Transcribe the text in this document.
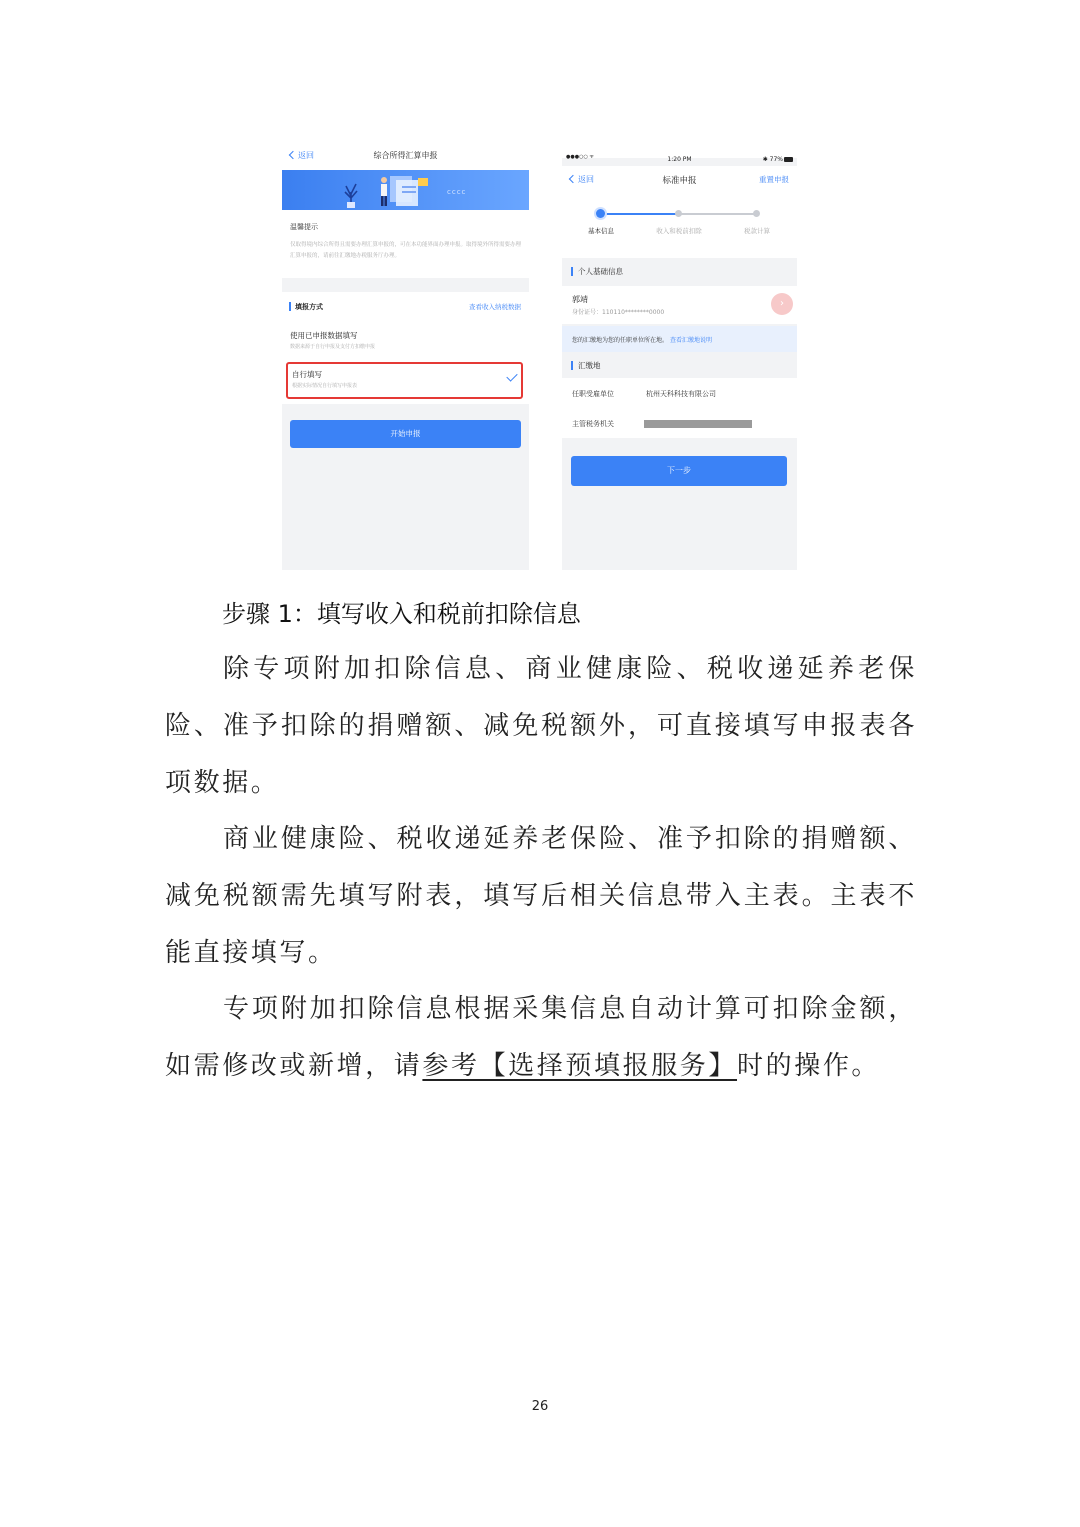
返回	综合所得汇算申报
cccc
温馨提示
仅取得境内综合所得且需要办理汇算申报的，可在本功能界面办理申报。取得境外所得需要办理汇算申报的，请前往汇缴地办税服务厅办理。
填报方式	查看收入纳税数据
使用已申报数据填写
数据来源于自行申报及支付方扣缴申报
自行填写
根据实际情况自行填写申报表
开始申报
●●●○○ ᯤ	1:20 PM	✱ 77%
返回	标准申报	重置申报
基本信息	收入和税前扣除	税款计算
个人基础信息
郭靖
身份证号：110110********0000
›
您的汇缴地为您的任职单位所在地。 查看汇缴地说明
汇缴地
任职受雇单位	杭州天科科技有限公司
主管税务机关
下一步
步骤 1：填写收入和税前扣除信息

除专项附加扣除信息、商业健康险、税收递延养老保险、准予扣除的捐赠额、减免税额外，可直接填写申报表各项数据。

商业健康险、税收递延养老保险、准予扣除的捐赠额、减免税额需先填写附表，填写后相关信息带入主表。主表不能直接填写。

专项附加扣除信息根据采集信息自动计算可扣除金额，如需修改或新增，请参考【选择预填报服务】时的操作。

26
